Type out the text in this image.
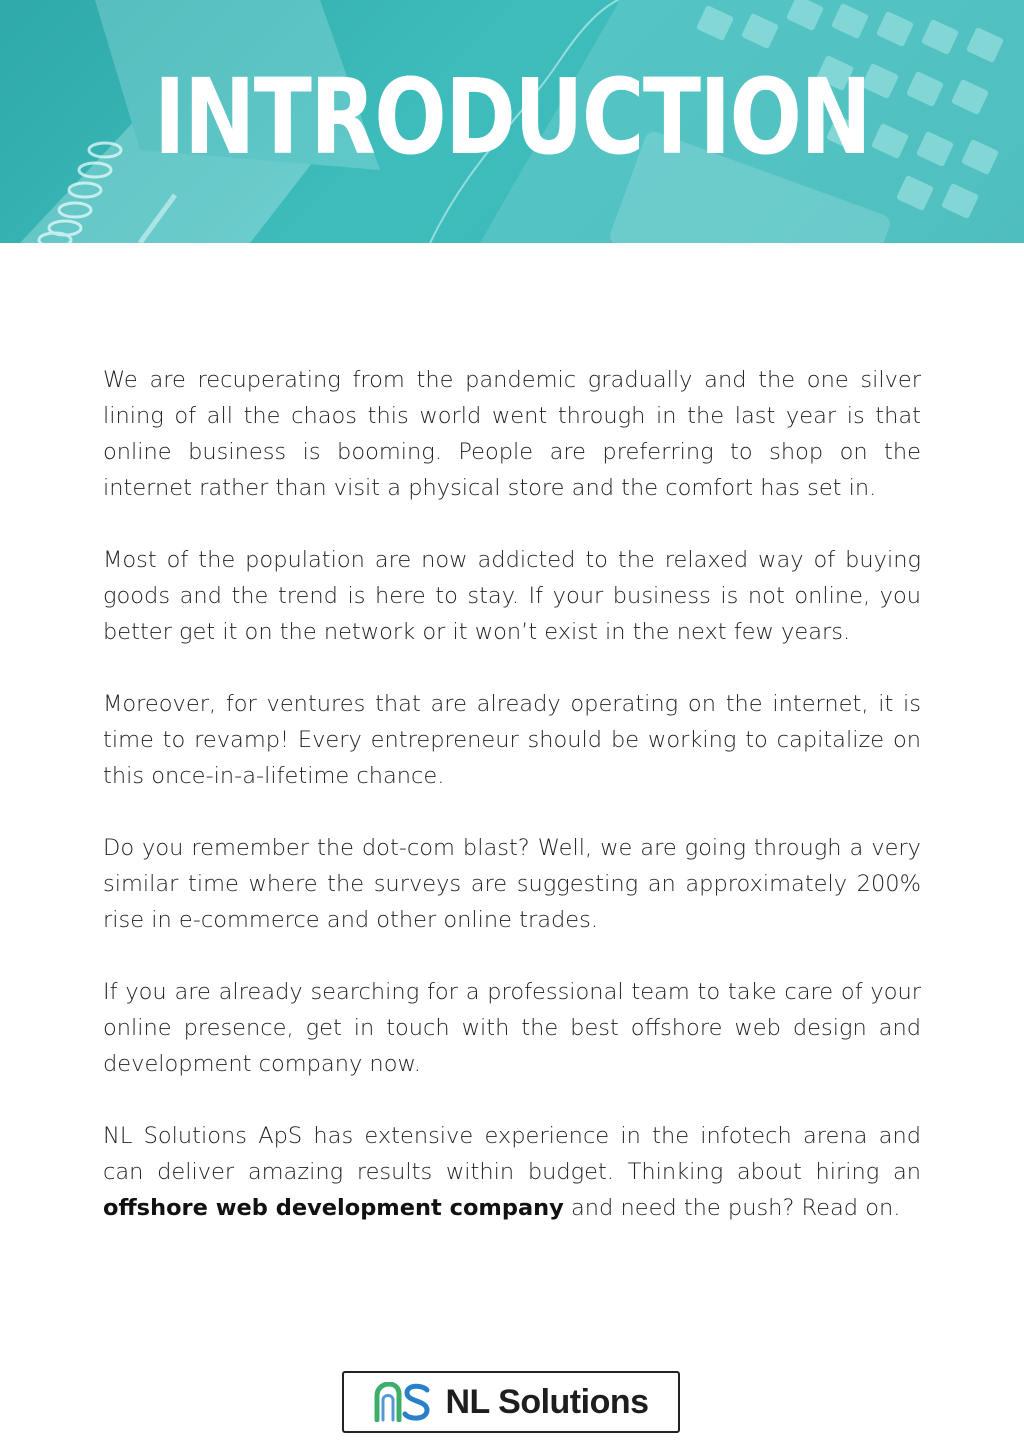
INTRODUCTION

We are recuperating from the pandemic gradually and the one silver lining of all the chaos this world went through in the last year is that online business is booming. People are preferring to shop on the internet rather than visit a physical store and the comfort has set in.

Most of the population are now addicted to the relaxed way of buying goods and the trend is here to stay. If your business is not online, you better get it on the network or it won’t exist in the next few years.

Moreover, for ventures that are already operating on the internet, it is time to revamp! Every entrepreneur should be working to capitalize on this once-in-a-lifetime chance.

Do you remember the dot-com blast? Well, we are going through a very similar time where the surveys are suggesting an approximately 200% rise in e-commerce and other online trades.

If you are already searching for a professional team to take care of your online presence, get in touch with the best offshore web design and development company now.

NL Solutions ApS has extensive experience in the infotech arena and can deliver amazing results within budget. Thinking about hiring an offshore web development company and need the push? Read on.

NL Solutions
